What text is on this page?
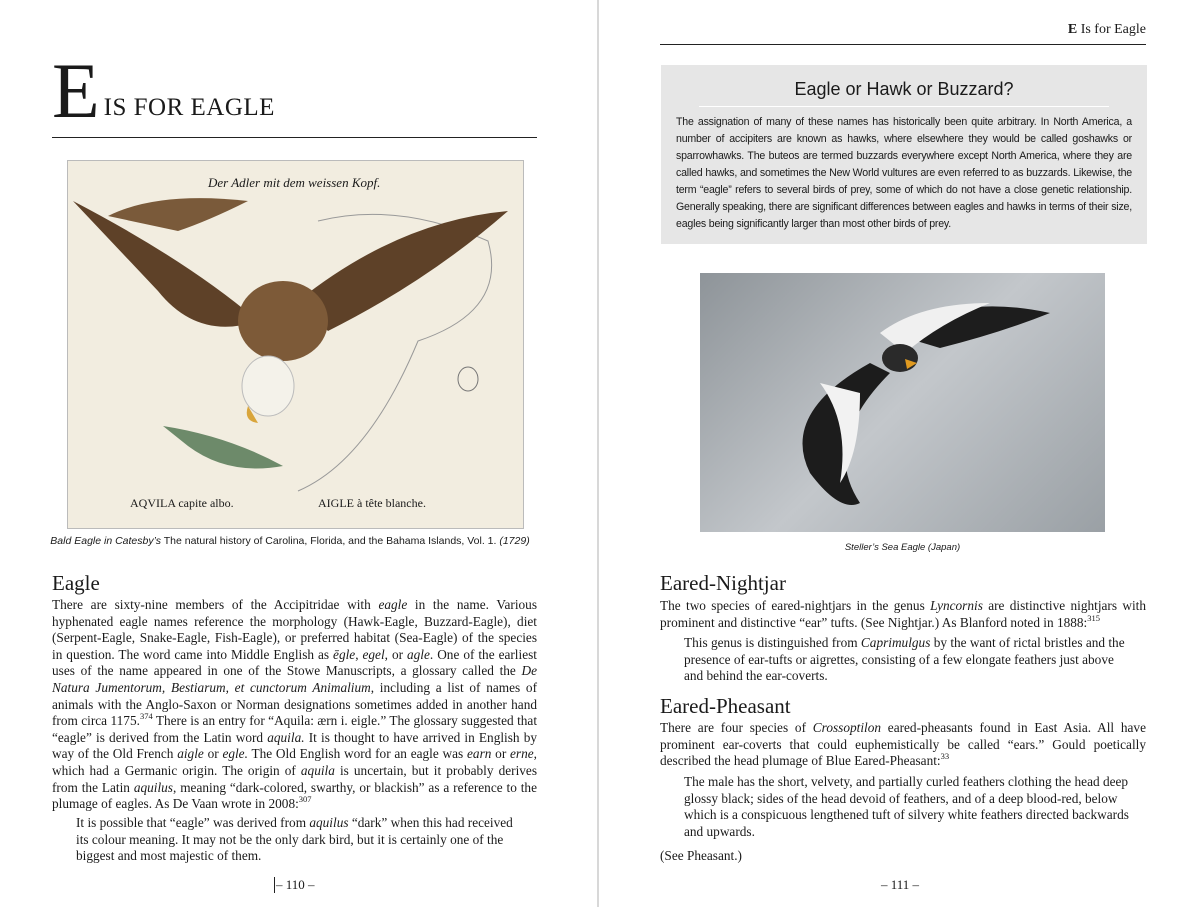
E IS FOR EAGLE
Der Adler mit dem weissen Kopf.
AQVILA capite albo.	AIGLE à tête blanche.
Bald Eagle in Catesby’s The natural history of Carolina, Florida, and the Bahama Islands, Vol. 1. (1729)
Eagle
There are sixty-nine members of the Accipitridae with eagle in the name. Various hyphenated eagle names reference the morphology (Hawk-Eagle, Buzzard-Eagle), diet (Serpent-Eagle, Snake-Eagle, Fish-Eagle), or preferred habitat (Sea-Eagle) of the species in question. The word came into Middle English as ēgle, egel, or agle. One of the earliest uses of the name appeared in one of the Stowe Manuscripts, a glossary called the De Natura Jumentorum, Bestiarum, et cunctorum Animalium, including a list of names of animals with the Anglo-Saxon or Norman designations sometimes added in another hand from circa 1175.$^{374}$ There is an entry for “Aquila: ærn i. eigle.” The glossary suggested that “eagle” is derived from the Latin word aquila. It is thought to have arrived in English by way of the Old French aigle or egle. The Old English word for an eagle was earn or erne, which had a Germanic origin. The origin of aquila is uncertain, but it probably derives from the Latin aquilus, meaning “dark-colored, swarthy, or blackish” as a reference to the plumage of eagles. As De Vaan wrote in 2008:$^{307}$
It is possible that “eagle” was derived from aquilus “dark” when this had received its colour meaning. It may not be the only dark bird, but it is certainly one of the biggest and most majestic of them.
– 110 –
E Is for Eagle
Eagle or Hawk or Buzzard?
The assignation of many of these names has historically been quite arbitrary. In North America, a number of accipiters are known as hawks, where elsewhere they would be called goshawks or sparrowhawks. The buteos are termed buzzards everywhere except North America, where they are called hawks, and sometimes the New World vultures are even referred to as buzzards. Likewise, the term “eagle” refers to several birds of prey, some of which do not have a close genetic relationship. Generally speaking, there are significant differences between eagles and hawks in terms of their size, eagles being significantly larger than most other birds of prey.
Steller’s Sea Eagle (Japan)
Eared-Nightjar
The two species of eared-nightjars in the genus Lyncornis are distinctive nightjars with prominent and distinctive “ear” tufts. (See Nightjar.) As Blanford noted in 1888:$^{315}$
This genus is distinguished from Caprimulgus by the want of rictal bristles and the presence of ear-tufts or aigrettes, consisting of a few elongate feathers just above and behind the ear-coverts.
Eared-Pheasant
There are four species of Crossoptilon eared-pheasants found in East Asia. All have prominent ear-coverts that could euphemistically be called “ears.” Gould poetically described the head plumage of Blue Eared-Pheasant:$^{33}$
The male has the short, velvety, and partially curled feathers clothing the head deep glossy black; sides of the head devoid of feathers, and of a deep blood-red, below which is a conspicuous lengthened tuft of silvery white feathers directed backwards and upwards.
(See Pheasant.)
– 111 –
